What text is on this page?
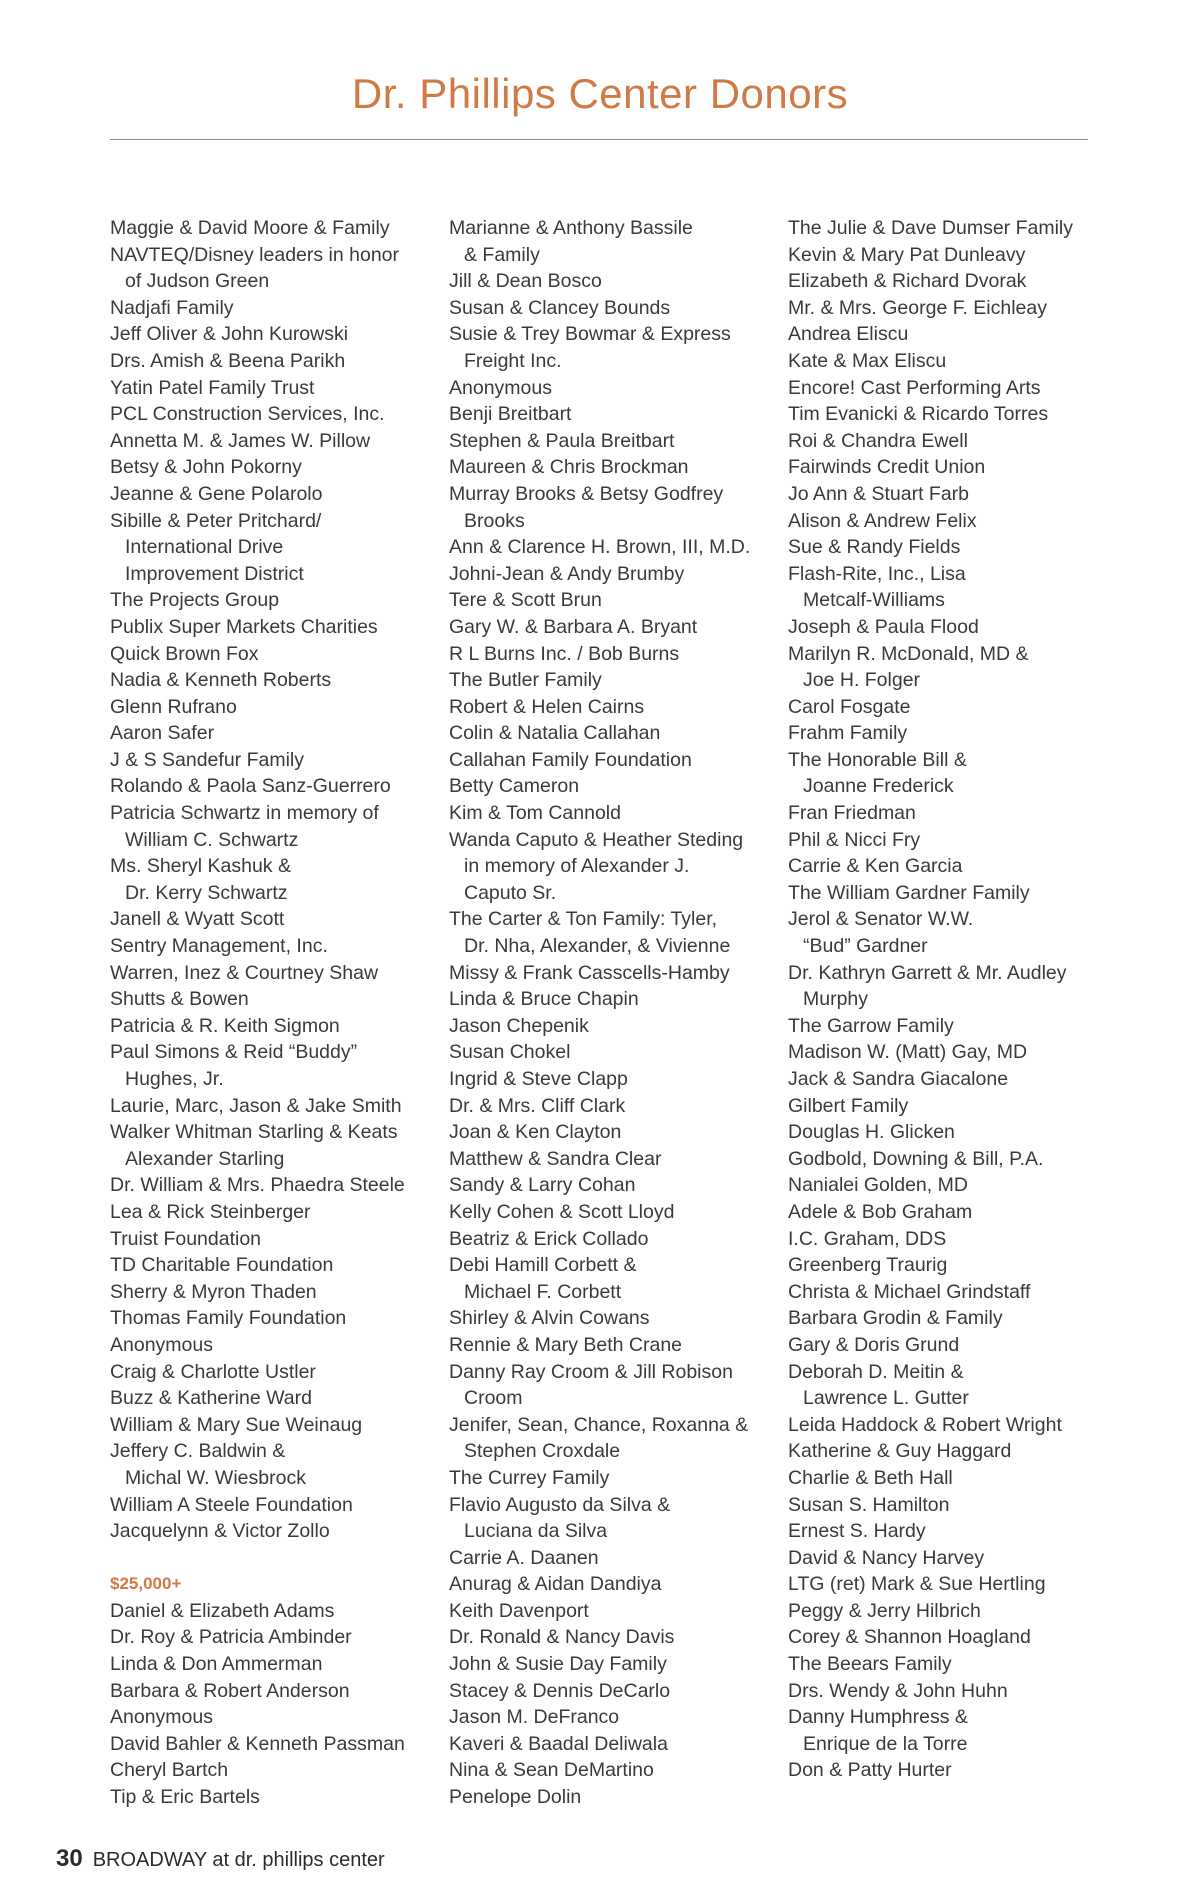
Dr. Phillips Center Donors
Maggie & David Moore & Family
NAVTEQ/Disney leaders in honor
of Judson Green
Nadjafi Family
Jeff Oliver & John Kurowski
Drs. Amish & Beena Parikh
Yatin Patel Family Trust
PCL Construction Services, Inc.
Annetta M. & James W. Pillow
Betsy & John Pokorny
Jeanne & Gene Polarolo
Sibille & Peter Pritchard/
International Drive
Improvement District
The Projects Group
Publix Super Markets Charities
Quick Brown Fox
Nadia & Kenneth Roberts
Glenn Rufrano
Aaron Safer
J & S Sandefur Family
Rolando & Paola Sanz-Guerrero
Patricia Schwartz in memory of
William C. Schwartz
Ms. Sheryl Kashuk &
Dr. Kerry Schwartz
Janell & Wyatt Scott
Sentry Management, Inc.
Warren, Inez & Courtney Shaw
Shutts & Bowen
Patricia & R. Keith Sigmon
Paul Simons & Reid “Buddy”
Hughes, Jr.
Laurie, Marc, Jason & Jake Smith
Walker Whitman Starling & Keats
Alexander Starling
Dr. William & Mrs. Phaedra Steele
Lea & Rick Steinberger
Truist Foundation
TD Charitable Foundation
Sherry & Myron Thaden
Thomas Family Foundation
Anonymous
Craig & Charlotte Ustler
Buzz & Katherine Ward
William & Mary Sue Weinaug
Jeffery C. Baldwin &
Michal W. Wiesbrock
William A Steele Foundation
Jacquelynn & Victor Zollo
$25,000+
Daniel & Elizabeth Adams
Dr. Roy & Patricia Ambinder
Linda & Don Ammerman
Barbara & Robert Anderson
Anonymous
David Bahler & Kenneth Passman
Cheryl Bartch
Tip & Eric Bartels
Marianne & Anthony Bassile
& Family
Jill & Dean Bosco
Susan & Clancey Bounds
Susie & Trey Bowmar & Express
Freight Inc.
Anonymous
Benji Breitbart
Stephen & Paula Breitbart
Maureen & Chris Brockman
Murray Brooks & Betsy Godfrey
Brooks
Ann & Clarence H. Brown, III, M.D.
Johni-Jean & Andy Brumby
Tere & Scott Brun
Gary W. & Barbara A. Bryant
R L Burns Inc. / Bob Burns
The Butler Family
Robert & Helen Cairns
Colin & Natalia Callahan
Callahan Family Foundation
Betty Cameron
Kim & Tom Cannold
Wanda Caputo & Heather Steding
in memory of Alexander J.
Caputo Sr.
The Carter & Ton Family: Tyler,
Dr. Nha, Alexander, & Vivienne
Missy & Frank Casscells-Hamby
Linda & Bruce Chapin
Jason Chepenik
Susan Chokel
Ingrid & Steve Clapp
Dr. & Mrs. Cliff Clark
Joan & Ken Clayton
Matthew & Sandra Clear
Sandy & Larry Cohan
Kelly Cohen & Scott Lloyd
Beatriz & Erick Collado
Debi Hamill Corbett &
Michael F. Corbett
Shirley & Alvin Cowans
Rennie & Mary Beth Crane
Danny Ray Croom & Jill Robison
Croom
Jenifer, Sean, Chance, Roxanna &
Stephen Croxdale
The Currey Family
Flavio Augusto da Silva &
Luciana da Silva
Carrie A. Daanen
Anurag & Aidan Dandiya
Keith Davenport
Dr. Ronald & Nancy Davis
John & Susie Day Family
Stacey & Dennis DeCarlo
Jason M. DeFranco
Kaveri & Baadal Deliwala
Nina & Sean DeMartino
Penelope Dolin
The Julie & Dave Dumser Family
Kevin & Mary Pat Dunleavy
Elizabeth & Richard Dvorak
Mr. & Mrs. George F. Eichleay
Andrea Eliscu
Kate & Max Eliscu
Encore! Cast Performing Arts
Tim Evanicki & Ricardo Torres
Roi & Chandra Ewell
Fairwinds Credit Union
Jo Ann & Stuart Farb
Alison & Andrew Felix
Sue & Randy Fields
Flash-Rite, Inc., Lisa
Metcalf-Williams
Joseph & Paula Flood
Marilyn R. McDonald, MD &
Joe H. Folger
Carol Fosgate
Frahm Family
The Honorable Bill &
Joanne Frederick
Fran Friedman
Phil & Nicci Fry
Carrie & Ken Garcia
The William Gardner Family
Jerol & Senator W.W.
“Bud” Gardner
Dr. Kathryn Garrett & Mr. Audley
Murphy
The Garrow Family
Madison W. (Matt) Gay, MD
Jack & Sandra Giacalone
Gilbert Family
Douglas H. Glicken
Godbold, Downing & Bill, P.A.
Nanialei Golden, MD
Adele & Bob Graham
I.C. Graham, DDS
Greenberg Traurig
Christa & Michael Grindstaff
Barbara Grodin & Family
Gary & Doris Grund
Deborah D. Meitin &
Lawrence L. Gutter
Leida Haddock & Robert Wright
Katherine & Guy Haggard
Charlie & Beth Hall
Susan S. Hamilton
Ernest S. Hardy
David & Nancy Harvey
LTG (ret) Mark & Sue Hertling
Peggy & Jerry Hilbrich
Corey & Shannon Hoagland
The Beears Family
Drs. Wendy & John Huhn
Danny Humphress &
Enrique de la Torre
Don & Patty Hurter
30 BROADWAY at dr. phillips center
